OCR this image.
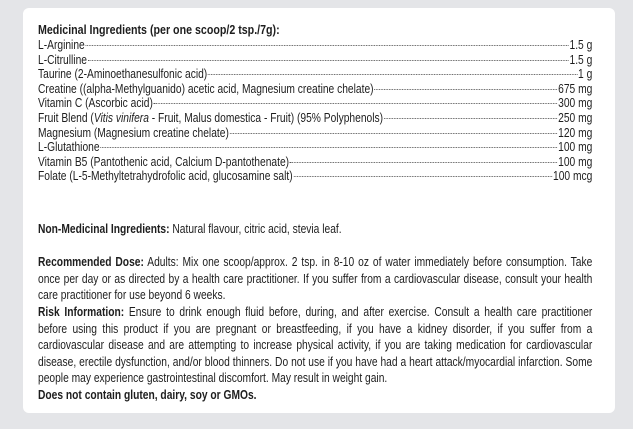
Medicinal Ingredients (per one scoop/2 tsp./7g):
L-Arginine	1.5 g
L-Citrulline	1.5 g
Taurine (2-Aminoethanesulfonic acid)	1 g
Creatine ((alpha-Methylguanido) acetic acid, Magnesium creatine chelate)	675 mg
Vitamin C (Ascorbic acid)	300 mg
Fruit Blend (Vitis vinifera - Fruit, Malus domestica - Fruit) (95% Polyphenols)	250 mg
Magnesium (Magnesium creatine chelate)	120 mg
L-Glutathione	100 mg
Vitamin B5 (Pantothenic acid, Calcium D-pantothenate)	100 mg
Folate (L-5-Methyltetrahydrofolic acid, glucosamine salt)	100 mcg
Non-Medicinal Ingredients: Natural flavour, citric acid, stevia leaf.
Recommended Dose: Adults: Mix one scoop/approx. 2 tsp. in 8-10 oz of water immediately before consumption. Take once per day or as directed by a health care practitioner. If you suffer from a cardiovascular disease, consult your health care practitioner for use beyond 6 weeks.
Risk Information: Ensure to drink enough fluid before, during, and after exercise. Consult a health care practitioner before using this product if you are pregnant or breastfeeding, if you have a kidney disorder, if you suffer from a cardiovascular disease and are attempting to increase physical activity, if you are taking medication for cardiovascular disease, erectile dysfunction, and/or blood thinners. Do not use if you have had a heart attack/myocardial infarction. Some people may experience gastrointestinal discomfort. May result in weight gain.
Does not contain gluten, dairy, soy or GMOs.
